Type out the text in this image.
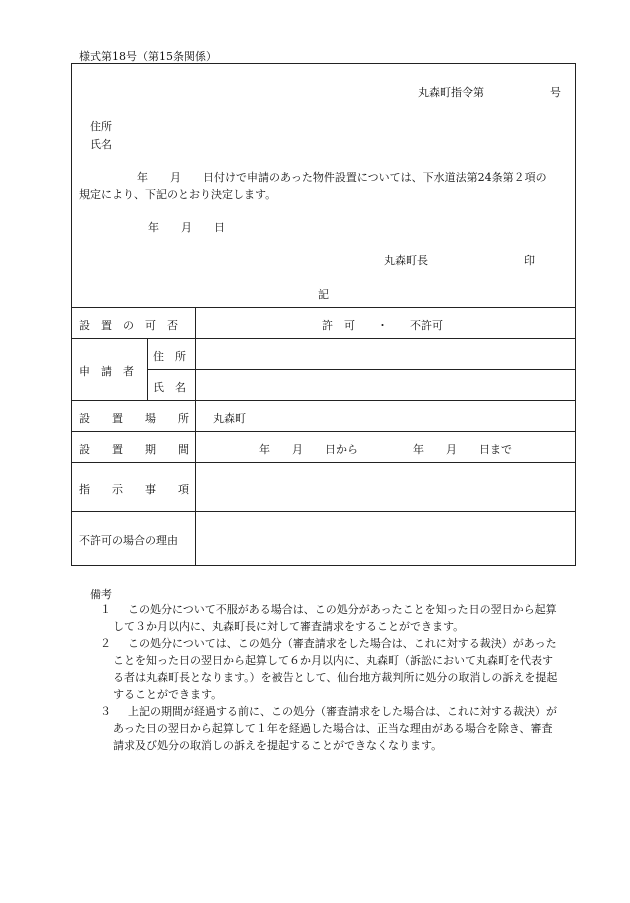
様式第18号（第15条関係）
丸森町指令第　　　　　　号
住所
氏名
年　　月　　日付けで申請のあった物件設置については、下水道法第24条第２項の
規定により、下記のとおり決定します。
年　　月　　日
丸森町長	印
記
設　置　の　可　否	許　可　　・　　不許可
申　請　者
住　所
氏　名
設　　置　　場　　所 丸森町
設　　置　　期　　間	年　　月　　日から　　　　　年　　月　　日まで
指　　示　　事　　項
不許可の場合の理由
備考
１ この処分について不服がある場合は、この処分があったことを知った日の翌日から起算
して３か月以内に、丸森町長に対して審査請求をすることができます。
２ この処分については、この処分（審査請求をした場合は、これに対する裁決）があった
ことを知った日の翌日から起算して６か月以内に、丸森町（訴訟において丸森町を代表す
る者は丸森町長となります。）を被告として、仙台地方裁判所に処分の取消しの訴えを提起
することができます。
３ 上記の期間が経過する前に、この処分（審査請求をした場合は、これに対する裁決）が
あった日の翌日から起算して１年を経過した場合は、正当な理由がある場合を除き、審査
請求及び処分の取消しの訴えを提起することができなくなります。
